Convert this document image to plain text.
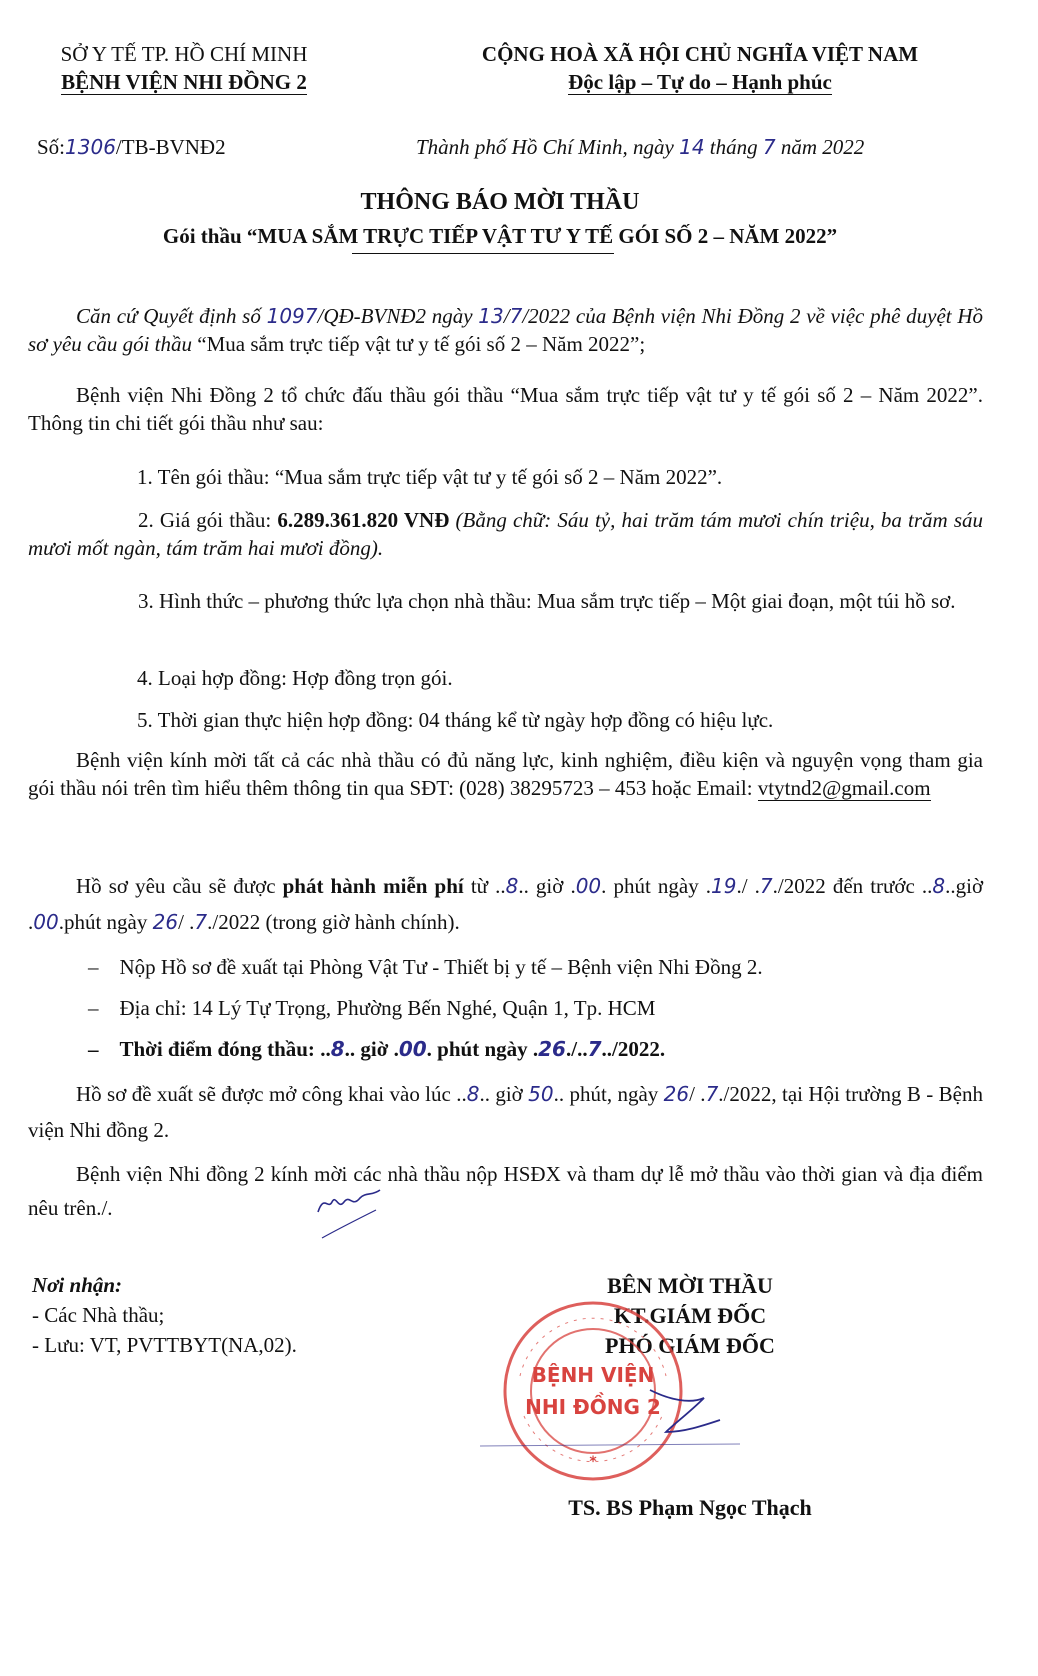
SỞ Y TẾ TP. HỒ CHÍ MINH
BỆNH VIỆN NHI ĐỒNG 2
CỘNG HOÀ XÃ HỘI CHỦ NGHĨA VIỆT NAM
Độc lập – Tự do – Hạnh phúc
Số:1306/TB-BVNĐ2	Thành phố Hồ Chí Minh, ngày 14 tháng 7 năm 2022
THÔNG BÁO MỜI THẦU
Gói thầu “MUA SẮM TRỰC TIẾP VẬT TƯ Y TẾ GÓI SỐ 2 – NĂM 2022”
Căn cứ Quyết định số 1097/QĐ-BVNĐ2 ngày 13/7/2022 của Bệnh viện Nhi Đồng 2 về việc phê duyệt Hồ sơ yêu cầu gói thầu “Mua sắm trực tiếp vật tư y tế gói số 2 – Năm 2022”;
Bệnh viện Nhi Đồng 2 tổ chức đấu thầu gói thầu “Mua sắm trực tiếp vật tư y tế gói số 2 – Năm 2022”. Thông tin chi tiết gói thầu như sau:
1. Tên gói thầu: “Mua sắm trực tiếp vật tư y tế gói số 2 – Năm 2022”.
2. Giá gói thầu: 6.289.361.820 VNĐ (Bằng chữ: Sáu tỷ, hai trăm tám mươi chín triệu, ba trăm sáu mươi mốt ngàn, tám trăm hai mươi đồng).
3. Hình thức – phương thức lựa chọn nhà thầu: Mua sắm trực tiếp – Một giai đoạn, một túi hồ sơ.
4. Loại hợp đồng: Hợp đồng trọn gói.
5. Thời gian thực hiện hợp đồng: 04 tháng kể từ ngày hợp đồng có hiệu lực.
Bệnh viện kính mời tất cả các nhà thầu có đủ năng lực, kinh nghiệm, điều kiện và nguyện vọng tham gia gói thầu nói trên tìm hiểu thêm thông tin qua SĐT: (028) 38295723 – 453 hoặc Email: vtytnd2@gmail.com
Hồ sơ yêu cầu sẽ được phát hành miễn phí từ ..8.. giờ .00. phút ngày .19./ .7./2022 đến trước ..8..giờ .00.phút ngày 26/ .7./2022 (trong giờ hành chính).
–    Nộp Hồ sơ đề xuất tại Phòng Vật Tư - Thiết bị y tế – Bệnh viện Nhi Đồng 2.
–    Địa chỉ: 14 Lý Tự Trọng, Phường Bến Nghé, Quận 1, Tp. HCM
–    Thời điểm đóng thầu: ..8.. giờ .00. phút ngày .26./..7../2022.
Hồ sơ đề xuất sẽ được mở công khai vào lúc ..8.. giờ 50.. phút, ngày 26/ .7./2022, tại Hội trường B - Bệnh viện Nhi đồng 2.
Bệnh viện Nhi đồng 2 kính mời các nhà thầu nộp HSĐX và tham dự lễ mở thầu vào thời gian và địa điểm nêu trên./.
Nơi nhận:
- Các Nhà thầu;
- Lưu: VT, PVTTBYT(NA,02).
BÊN MỜI THẦU
KT.GIÁM ĐỐC
PHÓ GIÁM ĐỐC
BỆNH VIỆN
NHI ĐỒNG 2
*
TS. BS Phạm Ngọc Thạch
